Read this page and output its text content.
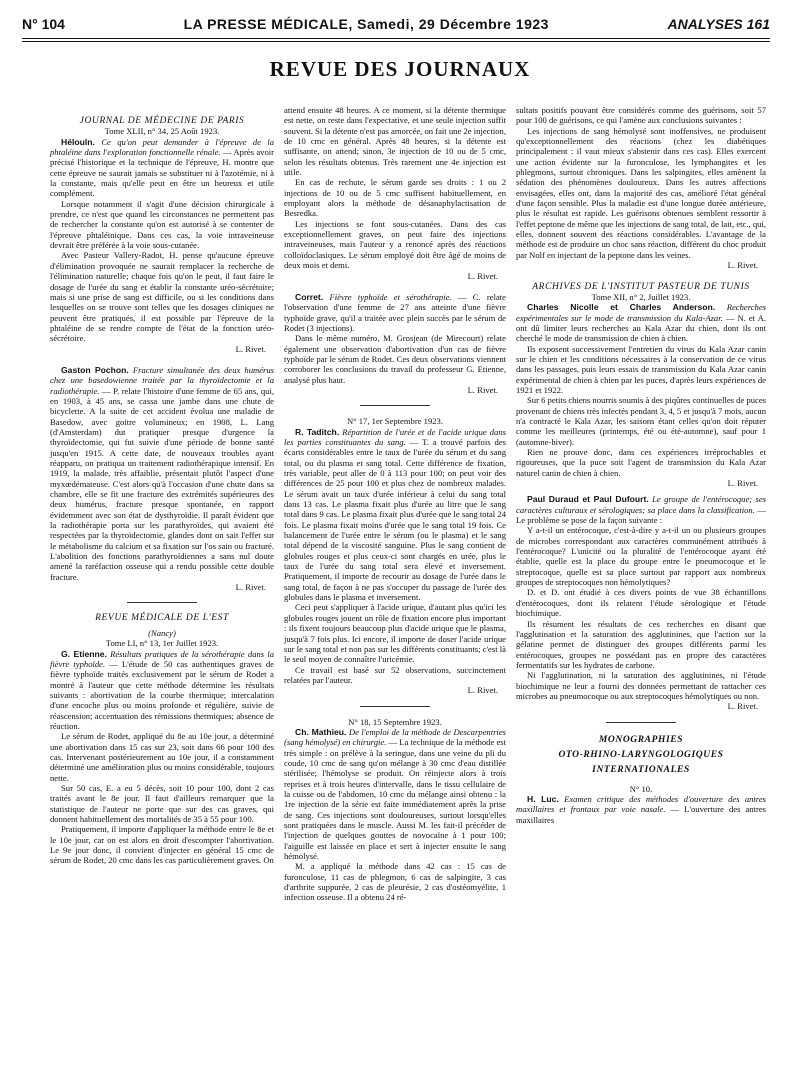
N° 104	LA PRESSE MÉDICALE, Samedi, 29 Décembre 1923	ANALYSES 161
REVUE DES JOURNAUX

JOURNAL DE MÉDECINE DE PARIS

Tome XLII, n° 34, 25 Août 1923.

Hélouln. Ce qu'on peut demander à l'épreuve de la phtaléine dans l'exploration fonctionnelle rénale. — Après avoir précisé l'historique et la technique de l'épreuve, H. montre que cette épreuve ne saurait jamais se substituer ni à l'azotémie, ni à la constante, mais qu'elle peut en être un heureux et utile complément.

Lorsque notamment il s'agit d'une décision chirurgicale à prendre, ce n'est que quand les circonstances ne permettent pas de rechercher la constante qu'on est autorisé à se contenter de l'épreuve phtaléinique. Dans ces cas, la voie intraveineuse devrait être préférée à la voie sous-cutanée.

Avec Pasteur Vallery-Radot, H. pense qu'aucune épreuve d'élimination provoquée ne saurait remplacer la recherche de l'élimination naturelle; chaque fois qu'on le peut, il faut faire le dosage de l'urée du sang et établir la constante uréo-sécrétoire; mais si une prise de sang est difficile, ou si les conditions dans lesquelles on se trouve sont telles que les dosages cliniques ne peuvent être pratiqués, il est possible par l'épreuve de la phtaléine de se rendre compte de l'état de la fonction uréo-sécrétoire.

L. Rivet.

Gaston Pochon. Fracture simultanée des deux humérus chez une basedowienne traitée par la thyroïdectomie et la radiothérapie. — P. relate l'histoire d'une femme de 65 ans, qui, en 1903, à 45 ans, se cassa une jambe dans une chute de bicyclette. A la suite de cet accident évolua une maladie de Basedow, avec goitre volumineux; en 1908, L. Lang (d'Amsterdam) dut pratiquer presque d'urgence la thyroïdectomie, qui fut suivie d'une période de bonne santé jusqu'en 1915. A cette date, de nouveaux troubles ayant réapparu, on pratiqua un traitement radiothérapique intensif. En 1919, la malade, très affaiblie, présentait plutôt l'aspect d'une myxœdémateuse. C'est alors qu'à l'occasion d'une chute dans sa chambre, elle se fit une fracture des extrémités supérieures des deux humérus, fracture presque spontanée, en rapport évidemment avec son état de dysthyroïdie. Il paraît évident que la radiothérapie porta sur les parathyroïdes, qui avaient été respectées par la thyroïdectomie, glandes dont on sait l'effet sur le métabolisme du calcium et sa fixation sur l'os sain ou fracturé. L'abolition des fonctions parathyroïdiennes a sans nul doute amené la raréfaction osseuse qui a rendu possible cette double fracture.

L. Rivet.

REVUE MÉDICALE DE L'EST

(Nancy)

Tome LI, n° 13, 1er Juillet 1923.

G. Etienne. Résultats pratiques de la sérothérapie dans la fièvre typhoïde. — L'étude de 50 cas authentiques graves de fièvre typhoïde traités exclusivement par le sérum de Rodet a montré à l'auteur que cette méthode détermine les résultats suivants : abortivation de la courbe thermique; intercalation d'une encoche plus ou moins profonde et régulière, suivie de réascension; accentuation des rémissions thermiques; absence de réaction.

Le sérum de Rodet, appliqué du 8e au 10e jour, a déterminé une abortivation dans 15 cas sur 23, soit dans 66 pour 100 des cas. Intervenant postérieurement au 10e jour, il a constamment déterminé une amélioration plus ou moins considérable, toujours nette.

Sur 50 cas, E. a eu 5 décès, soit 10 pour 100, dont 2 cas traités avant le 8e jour. Il faut d'ailleurs remarquer que la statistique de l'auteur ne porte que sur des cas graves, qui donnent habituellement des mortalités de 35 à 55 pour 100.

Pratiquement, il importe d'appliquer la méthode entre le 8e et le 10e jour, car on est alors en droit d'escompter l'abortivation. Le 9e jour donc, il convient d'injecter en général 15 cmc de sérum de Rodet, 20 cmc dans les cas particulièrement graves. On

attend ensuite 48 heures. A ce moment, si la détente thermique est nette, on reste dans l'expectative, et une seule injection suffit souvent. Si la détente n'est pas amorcée, on fait une 2e injection, de 10 cmc en général. Après 48 heures, si la détente est suffisante, on attend; sinon, 3e injection de 10 ou de 5 cmc, selon les résultats obtenus. Très rarement une 4e injection est utile.

En cas de rechute, le sérum garde ses droits : 1 ou 2 injections de 10 ou de 5 cmc suffisent habituellement, en employant alors la méthode de désanaphylactisation de Besredka.

Les injections se font sous-cutanées. Dans des cas exceptionnellement graves, on peut faire des injections intraveineuses, mais l'auteur y a renoncé après des réactions colloïdoclasiques. Le sérum employé doit être âgé de moins de deux mois et demi.

L. Rivet.

Corret. Fièvre typhoïde et sérothérapie. — C. relate l'observation d'une femme de 27 ans atteinte d'une fièvre typhoïde grave, qu'il a traitée avec plein succès par le sérum de Rodet (3 injections).

Dans le même numéro, M. Grosjean (de Mirecourt) relate également une observation d'abortivation d'un cas de fièvre typhoïde par le sérum de Rodet. Ces deux observations viennent corroborer les conclusions du travail du professeur G. Etienne, analysé plus haut.

L. Rivet.

N° 17, 1er Septembre 1923.

R. Taditch. Répartition de l'urée et de l'acide urique dans les parties constituantes du sang. — T. a trouvé parfois des écarts considérables entre le taux de l'urée du sérum et du sang total, ou du plasma et sang total. Cette différence de fixation, très variable, peut aller de 0 à 113 pour 100; on peut voir des différences de 25 pour 100 et plus chez de nombreux malades. Le sérum avait un taux d'urée inférieur à celui du sang total dans 13 cas. Le plasma fixait plus d'urée au litre que le sang total dans 9 cas. Le plasma fixait plus d'urée que le sang total 24 fois. Le plasma fixait moins d'urée que le sang total 19 fois. Ce balancement de l'urée entre le sérum (ou le plasma) et le sang total dépend de la viscosité sanguine. Plus le sang contient de globules rouges et plus ceux-ci sont chargés en urée, plus le taux de l'urée du sang total sera élevé et inversement. Pratiquement, il importe de recourir au dosage de l'urée dans le sang total, de façon à ne pas s'occuper du passage de l'urée des globules dans le plasma et inversement.

Ceci peut s'appliquer à l'acide urique, d'autant plus qu'ici les globules rouges jouent un rôle de fixation encore plus important : ils fixent toujours beaucoup plus d'acide urique que le plasma, jusqu'à 7 fois plus. Ici encore, il importe de doser l'acide urique sur le sang total et non pas sur les différents constituants; c'est là le seul moyen de connaître l'uricémie.

Ce travail est basé sur 52 observations, succinctement relatées par l'auteur.

L. Rivet.

N° 18, 15 Septembre 1923.

Ch. Mathieu. De l'emploi de la méthode de Descarpentries (sang hémolysé) en chirurgie. — La technique de la méthode est très simple : on prélève à la seringue, dans une veine du pli du coude, 10 cmc de sang qu'on mélange à 30 cmc d'eau distillée stérilisée; l'hémolyse se produit. On réinjecte alors à trois reprises et à trois heures d'intervalle, dans le tissu cellulaire de la cuisse ou de l'abdomen, 10 cmc du mélange ainsi obtenu : la 1re injection de la série est faite immédiatement après la prise de sang. Ces injections sont douloureuses, surtout lorsqu'elles sont pratiquées dans le muscle. Aussi M. les fait-il précéder de l'injection de quelques gouttes de novocaïne à 1 pour 100; l'aiguille est laissée en place et sert à injecter ensuite le sang hémolysé.

M. a appliqué la méthode dans 42 cas : 15 cas de furonculose, 11 cas de phlegmon, 6 cas de salpingite, 3 cas d'arthrite suppurée, 2 cas de pleurésie, 2 cas d'ostéomyélite, 1 infection osseuse. Il a obtenu 24 ré-

sultats positifs pouvant être considérés comme des guérisons, soit 57 pour 100 de guérisons, ce qui l'amène aux conclusions suivantes :

Les injections de sang hémolysé sont inoffensives, ne produisent qu'exceptionnellement des réactions (chez les diabétiques principalement : il vaut mieux s'abstenir dans ces cas). Elles exercent une action évidente sur la furonculose, les lymphangites et les phlegmons, surtout chroniques. Dans les salpingites, elles amènent la sédation des phénomènes douloureux. Dans les autres affections envisagées, elles ont, dans la majorité des cas, amélioré l'état général d'une façon sensible. Plus la maladie est d'une longue durée antérieure, plus le résultat est rapide. Les guérisons obtenues semblent ressortir à l'effet peptone de même que les injections de sang total, de lait, etc., qui, elles, donnent souvent des réactions considérables. L'avantage de la méthode est de produire un choc sans réaction, différent du choc produit par Nolf en injectant de la peptone dans les veines.

L. Rivet.

ARCHIVES DE L'INSTITUT PASTEUR DE TUNIS

Tome XII, n° 2, Juillet 1923.

Charles Nicolle et Charles Anderson. Recherches expérimentales sur le mode de transmission du Kala-Azar. — N. et A. ont dû limiter leurs recherches au Kala Azar du chien, dont ils ont cherché le mode de transmission de chien à chien.

Ils exposent successivement l'entretien du virus du Kala Azar canin sur le chien et les conditions nécessaires à la conservation de ce virus dans les passages, puis leurs essais de transmission du Kala Azar canin expérimental de chien à chien par les puces, d'après leurs expériences de 1921 et 1922.

Sur 6 petits chiens nourris soumis à des piqûres continuelles de puces provenant de chiens très infectés pendant 3, 4, 5 et jusqu'à 7 mois, aucun n'a contracté le Kala Azar, les saisons étant celles qu'on doit réputer comme les meilleures (printemps, été ou été-automne), sauf pour 1 (automne-hiver).

Rien ne prouve donc, dans ces expériences irréprochables et rigoureuses, que la puce soit l'agent de transmission du Kala Azar naturel canin de chien à chien.

L. Rivet.

Paul Duraud et Paul Dufourt. Le groupe de l'entérocoque; ses caractères culturaux et sérologiques; sa place dans la classification. — Le problème se pose de la façon suivante :

Y a-t-il un entérocoque, c'est-à-dire y a-t-il un ou plusieurs groupes de microbes correspondant aux caractères communément attribués à l'entérocoque? L'unicité ou la pluralité de l'entérocoque ayant été établie, quelle est la place du groupe entre le pneumocoque et le streptocoque, quelle est sa place surtout par rapport aux nombreux groupes de streptocoques non hémolytiques?

D. et D. ont étudié à ces divers points de vue 38 échantillons d'entérocoques, dont ils relatent l'étude sérologique et l'étude biochimique.

Ils résument les résultats de ces recherches en disant que l'agglutination et la saturation des agglutinines, que l'action sur la gélatine permet de distinguer des groupes différents parmi les entérocoques, groupes ne possédant pas en propre des caractères fermentatifs sur les hydrates de carbone.

Ni l'agglutination, ni la saturation des agglutinines, ni l'étude biochimique ne leur a fourni des données permettant de rattacher ces microbes au pneumocoque ou aux streptocoques hémolytiques ou non.

L. Rivet.

MONOGRAPHIES
OTO-RHINO-LARYNGOLOGIQUES
INTERNATIONALES

N° 10.

H. Luc. Examen critique des méthodes d'ouverture des antres maxillaires et frontaux par voie nasale. — L'ouverture des antres maxillaires
